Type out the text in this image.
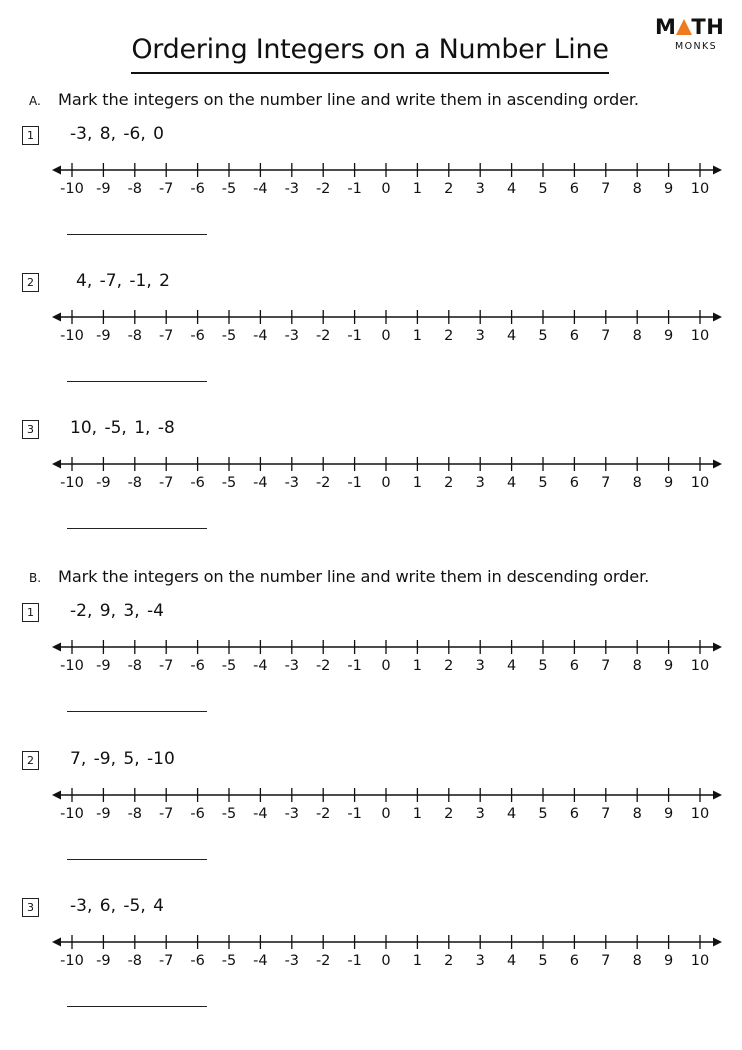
Ordering Integers on a Number Line
M TH
MONKS
A. Mark the integers on the number line and write them in ascending order.
1 -3, 8, -6, 0
-10 -9 -8 -7 -6 -5 -4 -3 -2 -1 0 1 2 3 4 5 6 7 8 9 10
2 4, -7, -1, 2
-10 -9 -8 -7 -6 -5 -4 -3 -2 -1 0 1 2 3 4 5 6 7 8 9 10
3 10, -5, 1, -8
-10 -9 -8 -7 -6 -5 -4 -3 -2 -1 0 1 2 3 4 5 6 7 8 9 10
B. Mark the integers on the number line and write them in descending order.
1 -2, 9, 3, -4
-10 -9 -8 -7 -6 -5 -4 -3 -2 -1 0 1 2 3 4 5 6 7 8 9 10
2 7, -9, 5, -10
-10 -9 -8 -7 -6 -5 -4 -3 -2 -1 0 1 2 3 4 5 6 7 8 9 10
3 -3, 6, -5, 4
-10 -9 -8 -7 -6 -5 -4 -3 -2 -1 0 1 2 3 4 5 6 7 8 9 10
